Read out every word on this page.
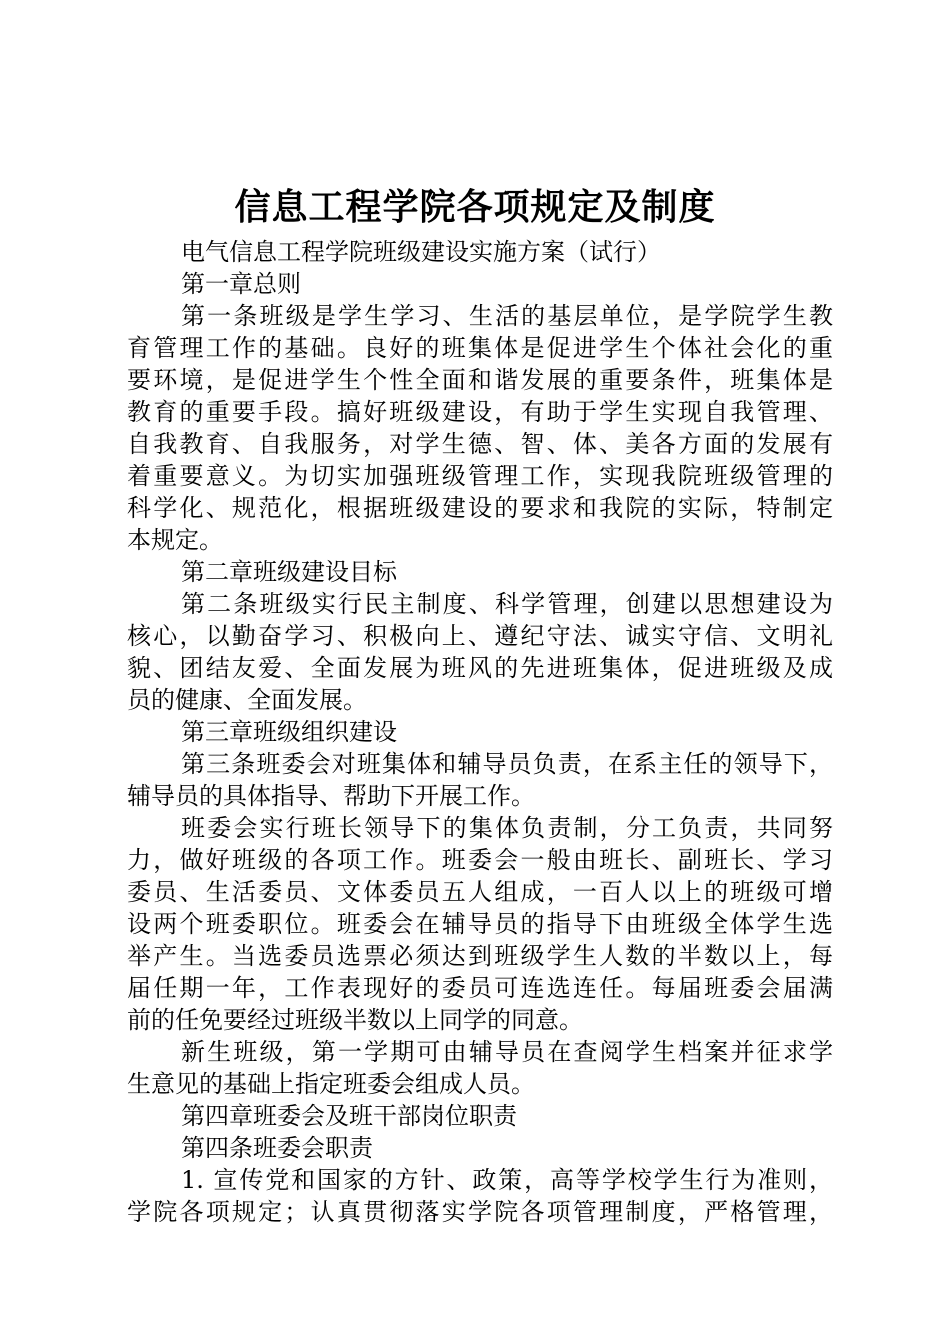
信息工程学院各项规定及制度
电气信息工程学院班级建设实施方案（试行）
第一章总则
第一条班级是学生学习、生活的基层单位，是学院学生教
育管理工作的基础。良好的班集体是促进学生个体社会化的重
要环境，是促进学生个性全面和谐发展的重要条件，班集体是
教育的重要手段。搞好班级建设，有助于学生实现自我管理、
自我教育、自我服务，对学生德、智、体、美各方面的发展有
着重要意义。为切实加强班级管理工作，实现我院班级管理的
科学化、规范化，根据班级建设的要求和我院的实际，特制定
本规定。
第二章班级建设目标
第二条班级实行民主制度、科学管理，创建以思想建设为
核心，以勤奋学习、积极向上、遵纪守法、诚实守信、文明礼
貌、团结友爱、全面发展为班风的先进班集体，促进班级及成
员的健康、全面发展。
第三章班级组织建设
第三条班委会对班集体和辅导员负责，在系主任的领导下，
辅导员的具体指导、帮助下开展工作。
班委会实行班长领导下的集体负责制，分工负责，共同努
力，做好班级的各项工作。班委会一般由班长、副班长、学习
委员、生活委员、文体委员五人组成，一百人以上的班级可增
设两个班委职位。班委会在辅导员的指导下由班级全体学生选
举产生。当选委员选票必须达到班级学生人数的半数以上，每
届任期一年，工作表现好的委员可连选连任。每届班委会届满
前的任免要经过班级半数以上同学的同意。
新生班级，第一学期可由辅导员在查阅学生档案并征求学
生意见的基础上指定班委会组成人员。
第四章班委会及班干部岗位职责
第四条班委会职责
1. 宣传党和国家的方针、政策，高等学校学生行为准则，
学院各项规定；认真贯彻落实学院各项管理制度，严格管理，
